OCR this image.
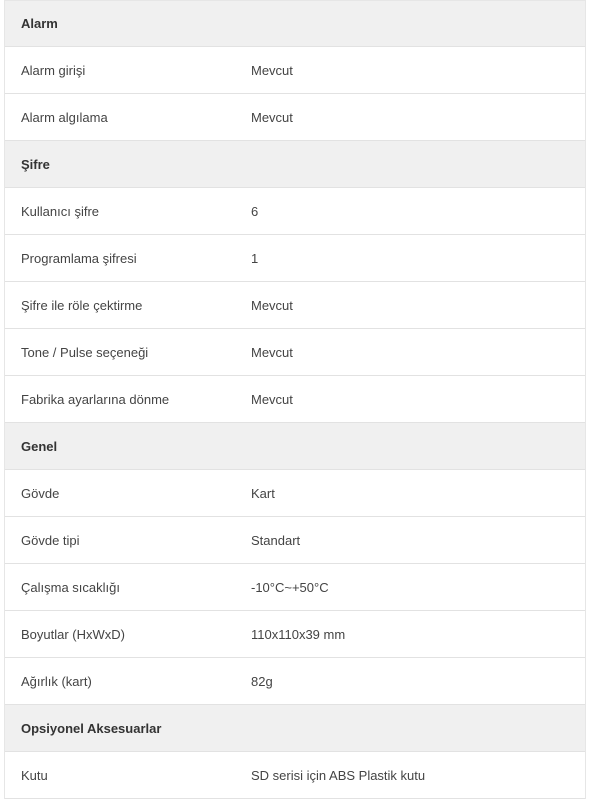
Alarm
Alarm girişi	Mevcut
Alarm algılama	Mevcut
Şifre
Kullanıcı şifre	6
Programlama şifresi	1
Şifre ile röle çektirme	Mevcut
Tone / Pulse seçeneği	Mevcut
Fabrika ayarlarına dönme	Mevcut
Genel
Gövde	Kart
Gövde tipi	Standart
Çalışma sıcaklığı	-10°C~+50°C
Boyutlar (HxWxD)	110x110x39 mm
Ağırlık (kart)	82g
Opsiyonel Aksesuarlar
Kutu	SD serisi için ABS Plastik kutu
